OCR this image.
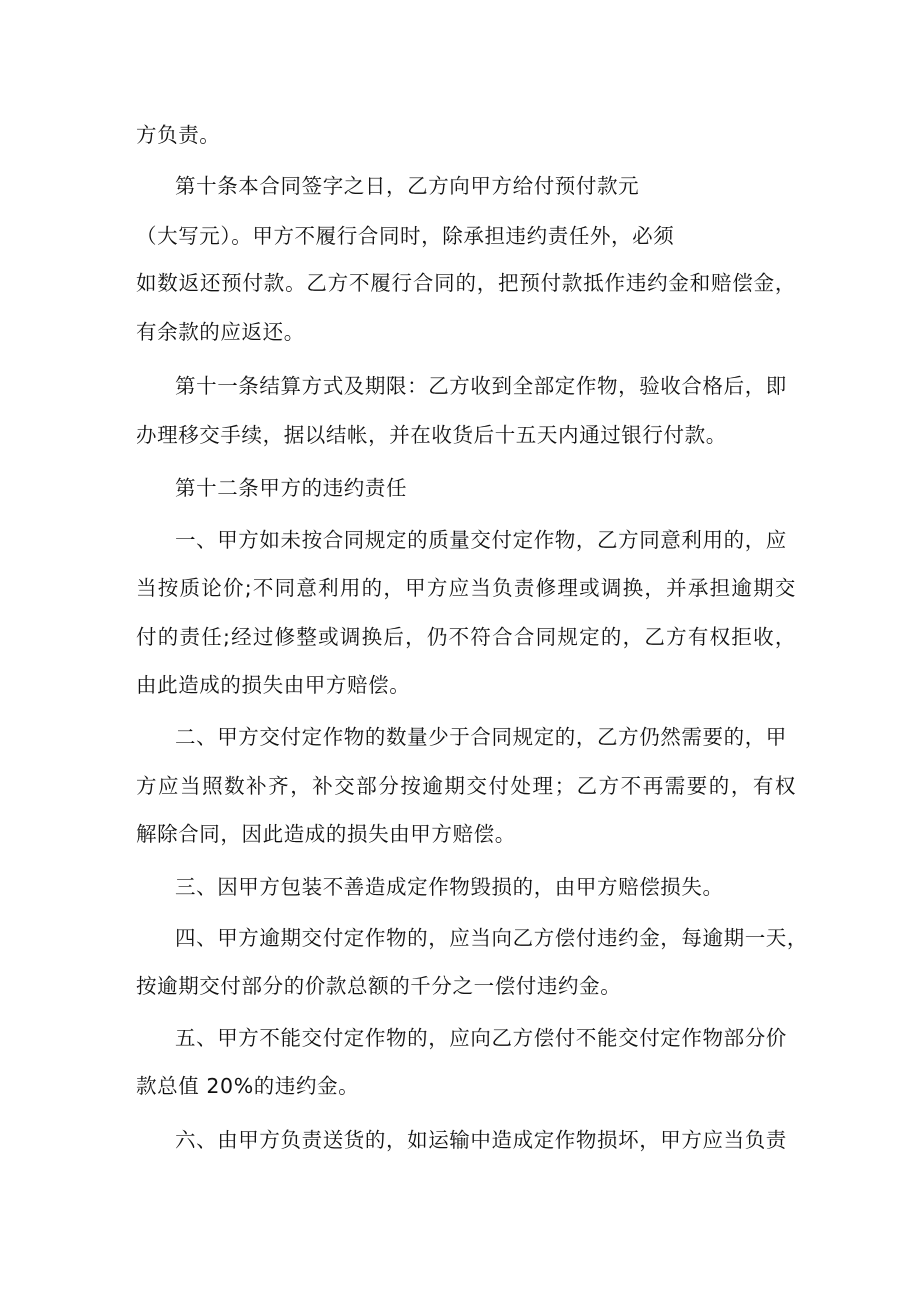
方负责。
第十条本合同签字之日，乙方向甲方给付预付款元
（大写元）。甲方不履行合同时，除承担违约责任外，必须
如数返还预付款。乙方不履行合同的，把预付款抵作违约金和赔偿金，
有余款的应返还。
第十一条结算方式及期限：乙方收到全部定作物，验收合格后，即
办理移交手续，据以结帐，并在收货后十五天内通过银行付款。
第十二条甲方的违约责任
一、甲方如未按合同规定的质量交付定作物，乙方同意利用的，应
当按质论价;不同意利用的，甲方应当负责修理或调换，并承担逾期交
付的责任;经过修整或调换后，仍不符合合同规定的，乙方有权拒收，
由此造成的损失由甲方赔偿。
二、甲方交付定作物的数量少于合同规定的，乙方仍然需要的，甲
方应当照数补齐，补交部分按逾期交付处理；乙方不再需要的，有权
解除合同，因此造成的损失由甲方赔偿。
三、因甲方包装不善造成定作物毁损的，由甲方赔偿损失。
四、甲方逾期交付定作物的，应当向乙方偿付违约金，每逾期一天，
按逾期交付部分的价款总额的千分之一偿付违约金。
五、甲方不能交付定作物的，应向乙方偿付不能交付定作物部分价
款总值 20%的违约金。
六、由甲方负责送货的，如运输中造成定作物损坏，甲方应当负责
